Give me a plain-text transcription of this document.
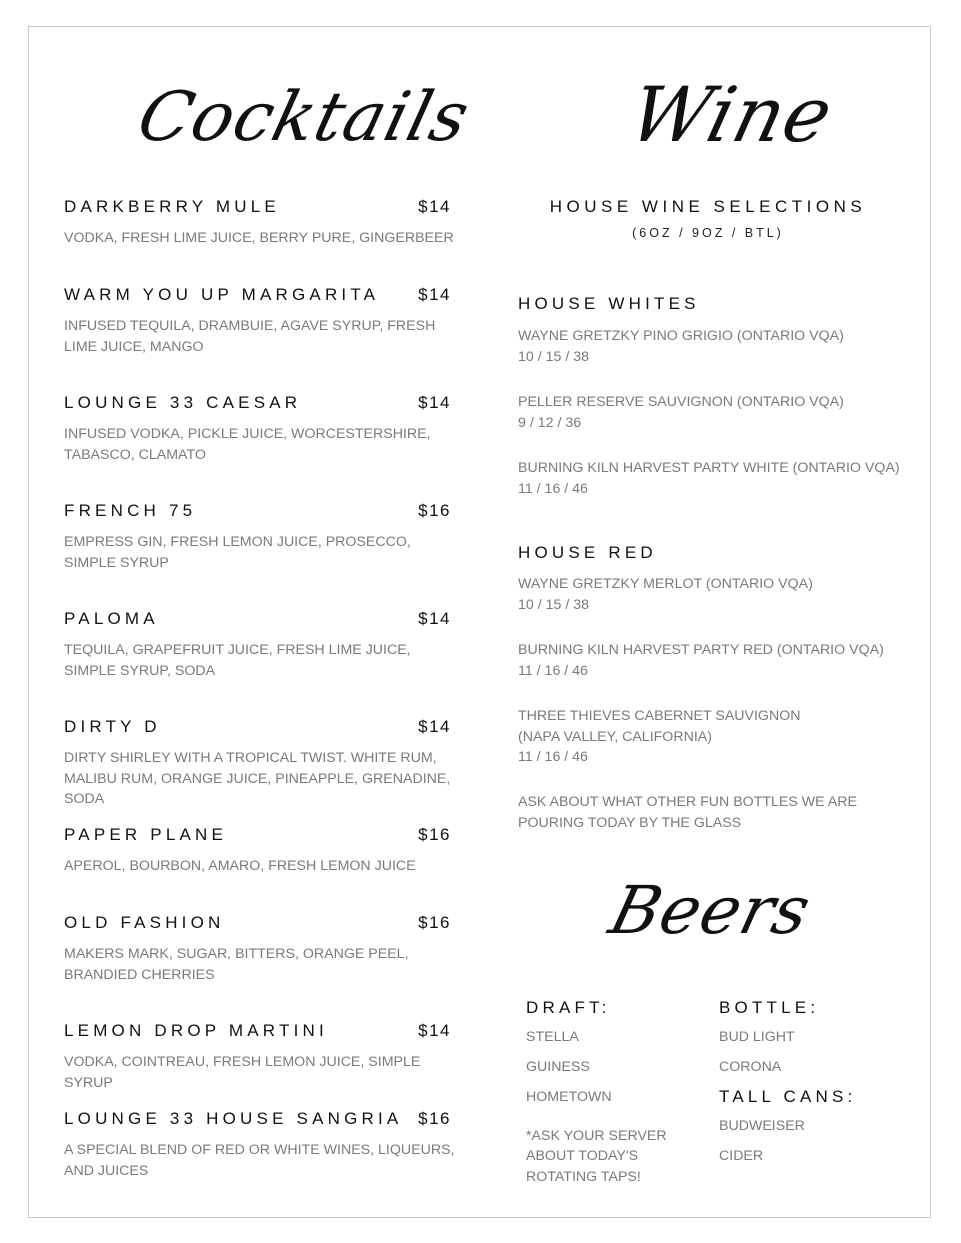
Cocktails Wine
Beers
DARKBERRY MULE	$14
VODKA, FRESH LIME JUICE, BERRY PURE, GINGERBEER
WARM YOU UP MARGARITA $14
INFUSED TEQUILA, DRAMBUIE, AGAVE SYRUP, FRESH LIME JUICE, MANGO
LOUNGE 33 CAESAR	$14
INFUSED VODKA, PICKLE JUICE, WORCESTERSHIRE, TABASCO, CLAMATO
FRENCH 75	$16
EMPRESS GIN, FRESH LEMON JUICE, PROSECCO, SIMPLE SYRUP
PALOMA	$14
TEQUILA, GRAPEFRUIT JUICE, FRESH LIME JUICE, SIMPLE SYRUP, SODA
DIRTY D	$14
DIRTY SHIRLEY WITH A TROPICAL TWIST. WHITE RUM, MALIBU RUM, ORANGE JUICE, PINEAPPLE, GRENADINE, SODA
PAPER PLANE	$16
APEROL, BOURBON, AMARO, FRESH LEMON JUICE
OLD FASHION	$16
MAKERS MARK, SUGAR, BITTERS, ORANGE PEEL, BRANDIED CHERRIES
LEMON DROP MARTINI	$14
VODKA, COINTREAU, FRESH LEMON JUICE, SIMPLE SYRUP
LOUNGE 33 HOUSE SANGRIA $16
A SPECIAL BLEND OF RED OR WHITE WINES, LIQUEURS, AND JUICES
HOUSE WINE SELECTIONS
(6OZ / 9OZ / BTL)
HOUSE WHITES
WAYNE GRETZKY PINO GRIGIO (ONTARIO VQA)
10 / 15 / 38
PELLER RESERVE SAUVIGNON (ONTARIO VQA)
9 / 12 / 36
BURNING KILN HARVEST PARTY WHITE (ONTARIO VQA)
11 / 16 / 46
HOUSE RED
WAYNE GRETZKY MERLOT (ONTARIO VQA)
10 / 15 / 38
BURNING KILN HARVEST PARTY RED (ONTARIO VQA)
11 / 16 / 46
THREE THIEVES CABERNET SAUVIGNON
(NAPA VALLEY, CALIFORNIA)
11 / 16 / 46
ASK ABOUT WHAT OTHER FUN BOTTLES WE ARE POURING TODAY BY THE GLASS
DRAFT:
STELLA
GUINESS
HOMETOWN
*ASK YOUR SERVER ABOUT TODAY'S ROTATING TAPS!
BOTTLE:
BUD LIGHT
CORONA
TALL CANS:
BUDWEISER
CIDER
